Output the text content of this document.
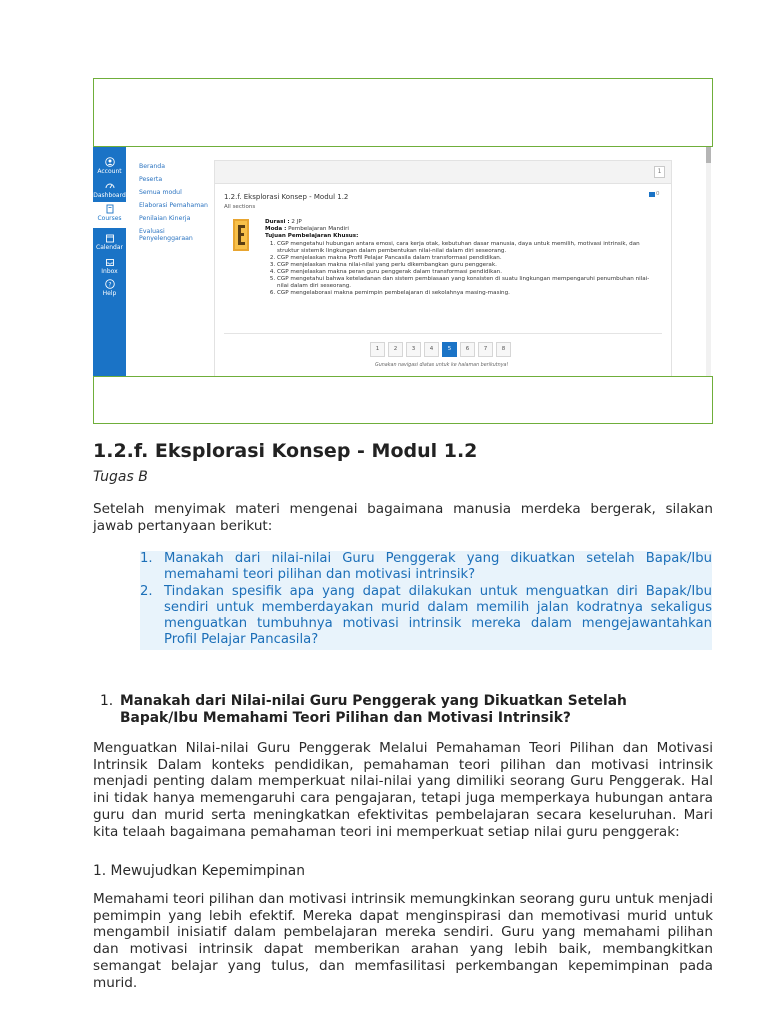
Account
Dashboard
Courses
Calendar
Inbox
?
Help
Beranda
Peserta
Semua modul
Elaborasi Pemahaman
Penilaian Kinerja
Evaluasi Penyelenggaraan
1
1.2.f. Eksplorasi Konsep - Modul 1.2
All sections
0
Durasi : 2 JP
Moda : Pembelajaran Mandiri
Tujuan Pembelajaran Khusus:
1. CGP mengetahui hubungan antara emosi, cara kerja otak, kebutuhan dasar manusia, daya untuk memilih, motivasi intrinsik, dan struktur sistemik lingkungan dalam pembentukan nilai-nilai dalam diri seseorang.
2. CGP menjelaskan makna Profil Pelajar Pancasila dalam transformasi pendidikan.
3. CGP menjelaskan makna nilai-nilai yang perlu dikembangkan guru penggerak.
4. CGP menjelaskan makna peran guru penggerak dalam transformasi pendidikan.
5. CGP mengetahui bahwa keteladanan dan sistem pembiasaan yang konsisten di suatu lingkungan mempengaruhi penumbuhan nilai-nilai dalam diri seseorang.
6. CGP mengelaborasi makna pemimpin pembelajaran di sekolahnya masing-masing.
1	2	3	4	5	6	7	8
Gunakan navigasi diatas untuk ke halaman berikutnya!
1.2.f. Eksplorasi Konsep - Modul 1.2
Tugas B
Setelah menyimak materi mengenai bagaimana manusia merdeka bergerak, silakan jawab pertanyaan berikut:
1. Manakah dari nilai-nilai Guru Penggerak yang dikuatkan setelah Bapak/Ibu memahami teori pilihan dan motivasi intrinsik?
2. Tindakan spesifik apa yang dapat dilakukan untuk menguatkan diri Bapak/Ibu sendiri untuk memberdayakan murid dalam memilih jalan kodratnya sekaligus menguatkan tumbuhnya motivasi intrinsik mereka dalam mengejawantahkan Profil Pelajar Pancasila?
1. Manakah dari Nilai-nilai Guru Penggerak yang Dikuatkan Setelah Bapak/Ibu Memahami Teori Pilihan dan Motivasi Intrinsik?
Menguatkan Nilai-nilai Guru Penggerak Melalui Pemahaman Teori Pilihan dan Motivasi Intrinsik Dalam konteks pendidikan, pemahaman teori pilihan dan motivasi intrinsik menjadi penting dalam memperkuat nilai-nilai yang dimiliki seorang Guru Penggerak. Hal ini tidak hanya memengaruhi cara pengajaran, tetapi juga memperkaya hubungan antara guru dan murid serta meningkatkan efektivitas pembelajaran secara keseluruhan. Mari kita telaah bagaimana pemahaman teori ini memperkuat setiap nilai guru penggerak:
1. Mewujudkan Kepemimpinan
Memahami teori pilihan dan motivasi intrinsik memungkinkan seorang guru untuk menjadi pemimpin yang lebih efektif. Mereka dapat menginspirasi dan memotivasi murid untuk mengambil inisiatif dalam pembelajaran mereka sendiri. Guru yang memahami pilihan dan motivasi intrinsik dapat memberikan arahan yang lebih baik, membangkitkan semangat belajar yang tulus, dan memfasilitasi perkembangan kepemimpinan pada murid.
